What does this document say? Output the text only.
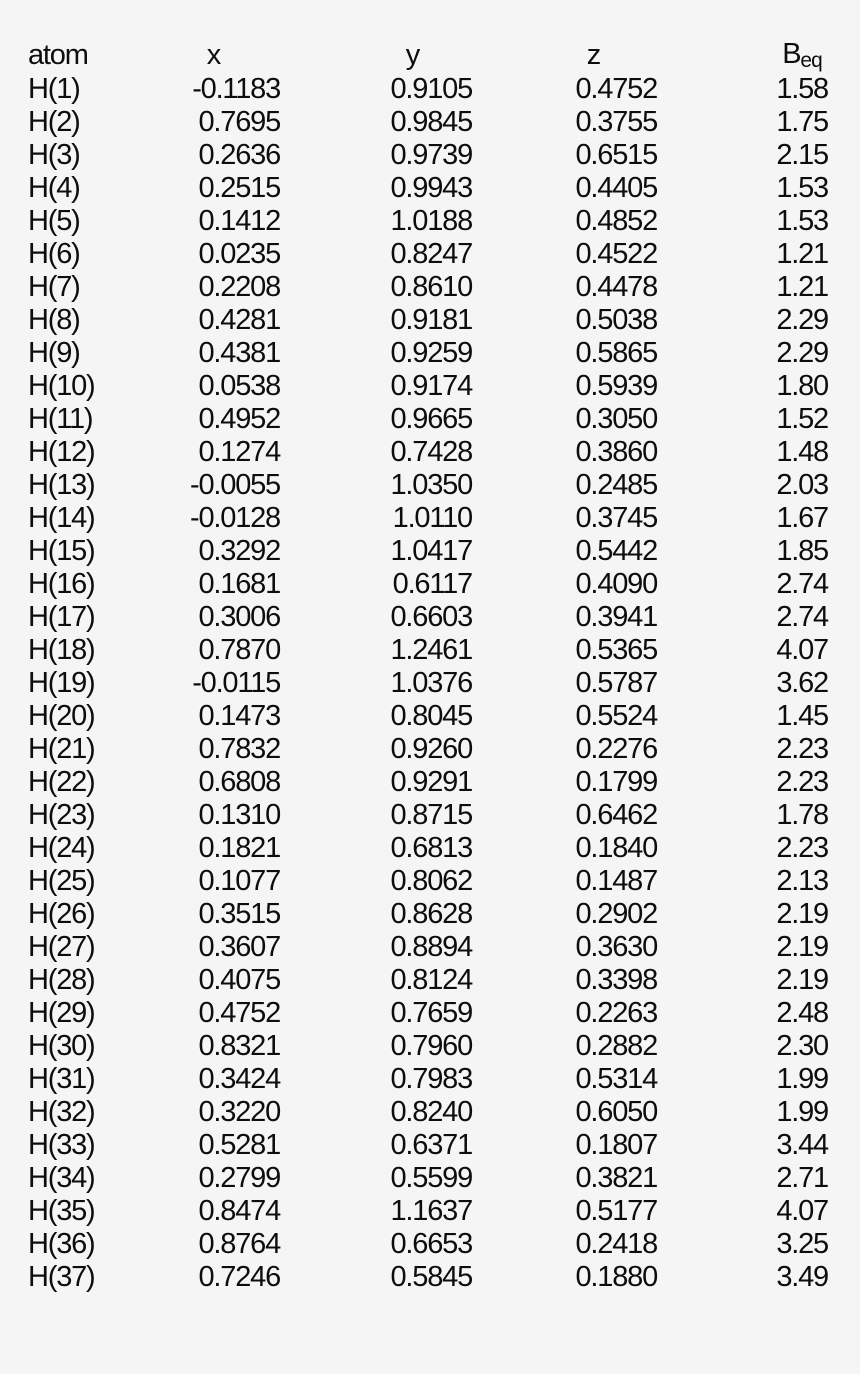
atom	x	y	z	Beq
H(1)	-0.1183	0.9105	0.4752	1.58
H(2)	0.7695	0.9845	0.3755	1.75
H(3)	0.2636	0.9739	0.6515	2.15
H(4)	0.2515	0.9943	0.4405	1.53
H(5)	0.1412	1.0188	0.4852	1.53
H(6)	0.0235	0.8247	0.4522	1.21
H(7)	0.2208	0.8610	0.4478	1.21
H(8)	0.4281	0.9181	0.5038	2.29
H(9)	0.4381	0.9259	0.5865	2.29
H(10)	0.0538	0.9174	0.5939	1.80
H(11)	0.4952	0.9665	0.3050	1.52
H(12)	0.1274	0.7428	0.3860	1.48
H(13)	-0.0055	1.0350	0.2485	2.03
H(14)	-0.0128	1.0110	0.3745	1.67
H(15)	0.3292	1.0417	0.5442	1.85
H(16)	0.1681	0.6117	0.4090	2.74
H(17)	0.3006	0.6603	0.3941	2.74
H(18)	0.7870	1.2461	0.5365	4.07
H(19)	-0.0115	1.0376	0.5787	3.62
H(20)	0.1473	0.8045	0.5524	1.45
H(21)	0.7832	0.9260	0.2276	2.23
H(22)	0.6808	0.9291	0.1799	2.23
H(23)	0.1310	0.8715	0.6462	1.78
H(24)	0.1821	0.6813	0.1840	2.23
H(25)	0.1077	0.8062	0.1487	2.13
H(26)	0.3515	0.8628	0.2902	2.19
H(27)	0.3607	0.8894	0.3630	2.19
H(28)	0.4075	0.8124	0.3398	2.19
H(29)	0.4752	0.7659	0.2263	2.48
H(30)	0.8321	0.7960	0.2882	2.30
H(31)	0.3424	0.7983	0.5314	1.99
H(32)	0.3220	0.8240	0.6050	1.99
H(33)	0.5281	0.6371	0.1807	3.44
H(34)	0.2799	0.5599	0.3821	2.71
H(35)	0.8474	1.1637	0.5177	4.07
H(36)	0.8764	0.6653	0.2418	3.25
H(37)	0.7246	0.5845	0.1880	3.49
